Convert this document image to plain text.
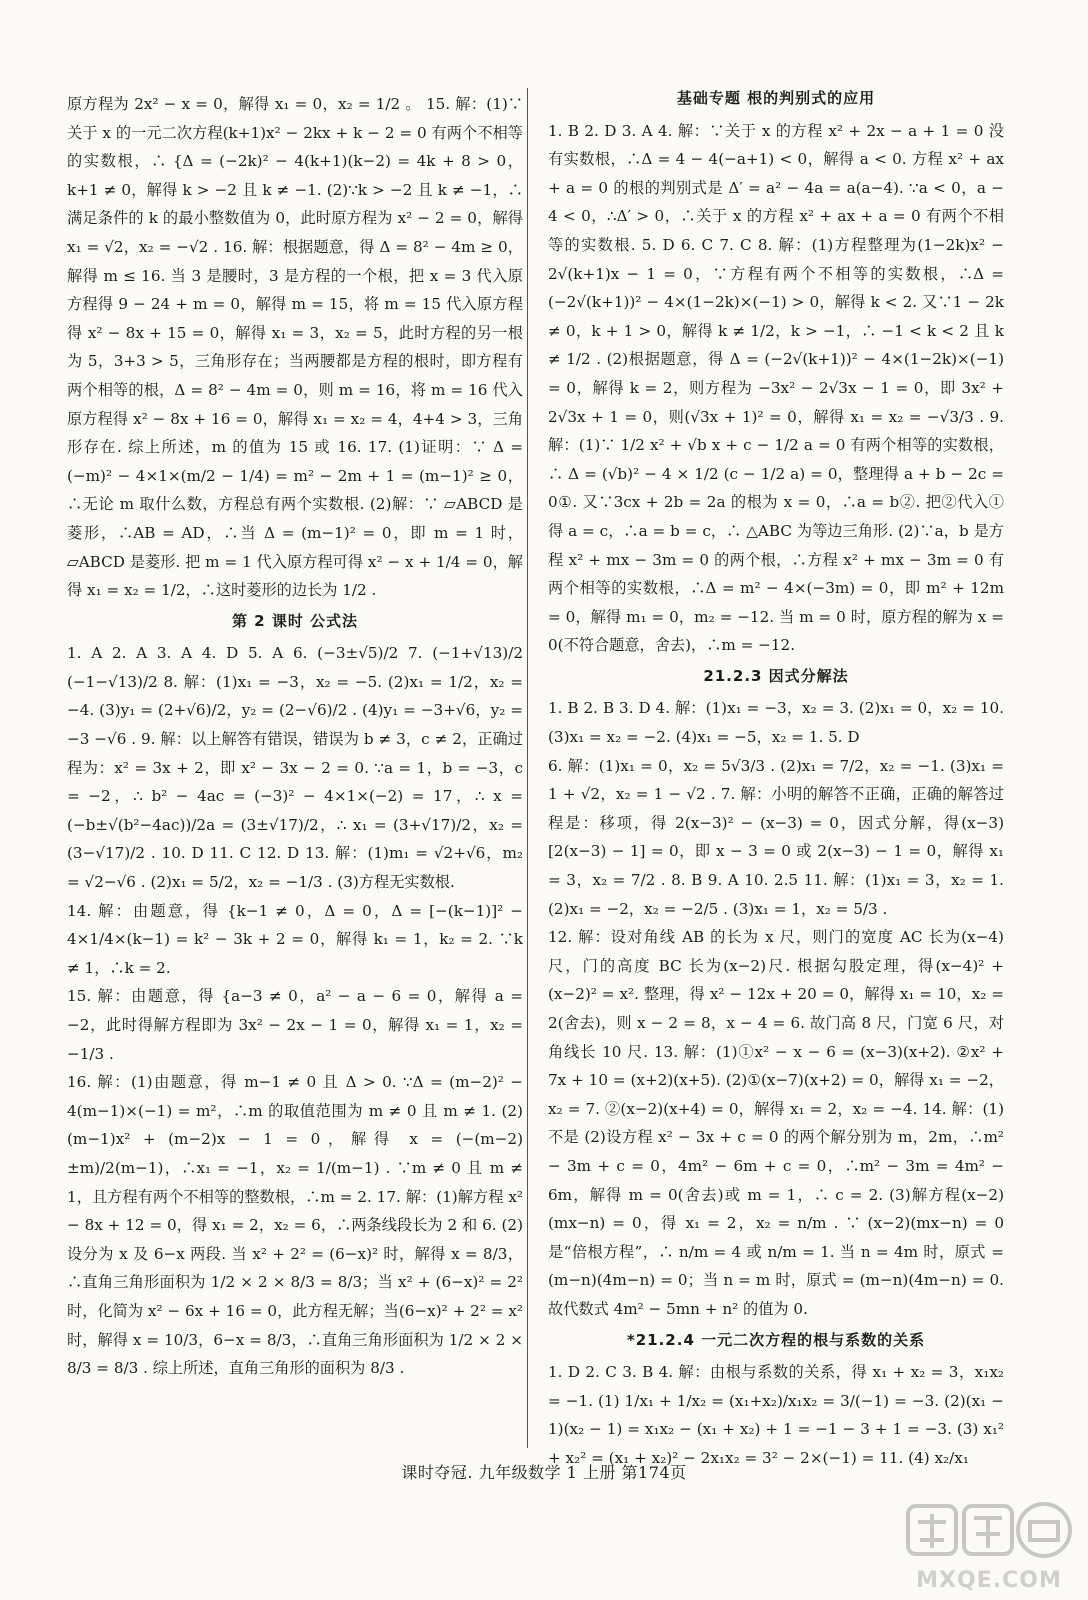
原方程为 2x² − x = 0，解得 x₁ = 0，x₂ = 1/2 。 15. 解：(1)∵关于 x 的一元二次方程(k+1)x² − 2kx + k − 2 = 0 有两个不相等的实数根，∴ {Δ = (−2k)² − 4(k+1)(k−2) = 4k + 8 > 0，k+1 ≠ 0，解得 k > −2 且 k ≠ −1. (2)∵k > −2 且 k ≠ −1，∴满足条件的 k 的最小整数值为 0，此时原方程为 x² − 2 = 0，解得 x₁ = √2，x₂ = −√2 . 16. 解：根据题意，得 Δ = 8² − 4m ≥ 0，解得 m ≤ 16. 当 3 是腰时，3 是方程的一个根，把 x = 3 代入原方程得 9 − 24 + m = 0，解得 m = 15，将 m = 15 代入原方程得 x² − 8x + 15 = 0，解得 x₁ = 3，x₂ = 5，此时方程的另一根为 5，3+3 > 5，三角形存在；当两腰都是方程的根时，即方程有两个相等的根，Δ = 8² − 4m = 0，则 m = 16，将 m = 16 代入原方程得 x² − 8x + 16 = 0，解得 x₁ = x₂ = 4，4+4 > 3，三角形存在. 综上所述，m 的值为 15 或 16. 17. (1)证明：∵ Δ = (−m)² − 4×1×(m/2 − 1/4) = m² − 2m + 1 = (m−1)² ≥ 0，∴无论 m 取什么数，方程总有两个实数根. (2)解：∵ ▱ABCD 是菱形，∴AB = AD，∴当 Δ = (m−1)² = 0，即 m = 1 时，▱ABCD 是菱形. 把 m = 1 代入原方程可得 x² − x + 1/4 = 0，解得 x₁ = x₂ = 1/2，∴这时菱形的边长为 1/2 .

第 2 课时 公式法

1. A 2. A 3. A 4. D 5. A 6. (−3±√5)/2 7. (−1+√13)/2 (−1−√13)/2 8. 解：(1)x₁ = −3，x₂ = −5. (2)x₁ = 1/2，x₂ = −4. (3)y₁ = (2+√6)/2，y₂ = (2−√6)/2 . (4)y₁ = −3+√6，y₂ = −3 −√6 . 9. 解：以上解答有错误，错误为 b ≠ 3，c ≠ 2，正确过程为：x² = 3x + 2，即 x² − 3x − 2 = 0. ∵a = 1，b = −3，c = −2，∴ b² − 4ac = (−3)² − 4×1×(−2) = 17，∴ x = (−b±√(b²−4ac))/2a = (3±√17)/2，∴ x₁ = (3+√17)/2，x₂ = (3−√17)/2 . 10. D 11. C 12. D 13. 解：(1)m₁ = √2+√6，m₂ = √2−√6 . (2)x₁ = 5/2，x₂ = −1/3 . (3)方程无实数根.

14. 解：由题意，得 {k−1 ≠ 0，Δ = 0，Δ = [−(k−1)]² − 4×1/4×(k−1) = k² − 3k + 2 = 0，解得 k₁ = 1，k₂ = 2. ∵k ≠ 1，∴k = 2.

15. 解：由题意，得 {a−3 ≠ 0，a² − a − 6 = 0，解得 a = −2，此时得解方程即为 3x² − 2x − 1 = 0，解得 x₁ = 1，x₂ = −1/3 .

16. 解：(1)由题意，得 m−1 ≠ 0 且 Δ > 0. ∵Δ = (m−2)² − 4(m−1)×(−1) = m²，∴m 的取值范围为 m ≠ 0 且 m ≠ 1. (2)(m−1)x² + (m−2)x − 1 = 0，解得 x = (−(m−2)±m)/2(m−1)，∴x₁ = −1，x₂ = 1/(m−1) . ∵m ≠ 0 且 m ≠ 1，且方程有两个不相等的整数根，∴m = 2. 17. 解：(1)解方程 x² − 8x + 12 = 0，得 x₁ = 2，x₂ = 6，∴两条线段长为 2 和 6. (2)设分为 x 及 6−x 两段. 当 x² + 2² = (6−x)² 时，解得 x = 8/3，∴直角三角形面积为 1/2 × 2 × 8/3 = 8/3；当 x² + (6−x)² = 2² 时，化简为 x² − 6x + 16 = 0，此方程无解；当(6−x)² + 2² = x² 时，解得 x = 10/3，6−x = 8/3，∴直角三角形面积为 1/2 × 2 × 8/3 = 8/3 . 综上所述，直角三角形的面积为 8/3 .

基础专题 根的判别式的应用

1. B 2. D 3. A 4. 解：∵关于 x 的方程 x² + 2x − a + 1 = 0 没有实数根，∴Δ = 4 − 4(−a+1) < 0，解得 a < 0. 方程 x² + ax + a = 0 的根的判别式是 Δ′ = a² − 4a = a(a−4). ∵a < 0，a − 4 < 0，∴Δ′ > 0，∴关于 x 的方程 x² + ax + a = 0 有两个不相等的实数根. 5. D 6. C 7. C 8. 解：(1)方程整理为(1−2k)x² − 2√(k+1)x − 1 = 0，∵方程有两个不相等的实数根，∴Δ = (−2√(k+1))² − 4×(1−2k)×(−1) > 0，解得 k < 2. 又∵1 − 2k ≠ 0，k + 1 > 0，解得 k ≠ 1/2，k > −1，∴ −1 < k < 2 且 k ≠ 1/2 . (2)根据题意，得 Δ = (−2√(k+1))² − 4×(1−2k)×(−1) = 0，解得 k = 2，则方程为 −3x² − 2√3x − 1 = 0，即 3x² + 2√3x + 1 = 0，则(√3x + 1)² = 0，解得 x₁ = x₂ = −√3/3 . 9. 解：(1)∵ 1/2 x² + √b x + c − 1/2 a = 0 有两个相等的实数根，∴ Δ = (√b)² − 4 × 1/2 (c − 1/2 a) = 0，整理得 a + b − 2c = 0①. 又∵3cx + 2b = 2a 的根为 x = 0，∴a = b②. 把②代入①得 a = c，∴a = b = c，∴ △ABC 为等边三角形. (2)∵a，b 是方程 x² + mx − 3m = 0 的两个根，∴方程 x² + mx − 3m = 0 有两个相等的实数根，∴Δ = m² − 4×(−3m) = 0，即 m² + 12m = 0，解得 m₁ = 0，m₂ = −12. 当 m = 0 时，原方程的解为 x = 0(不符合题意，舍去)，∴m = −12.

21.2.3 因式分解法

1. B 2. B 3. D 4. 解：(1)x₁ = −3，x₂ = 3. (2)x₁ = 0，x₂ = 10. (3)x₁ = x₂ = −2. (4)x₁ = −5，x₂ = 1. 5. D

6. 解：(1)x₁ = 0，x₂ = 5√3/3 . (2)x₁ = 7/2，x₂ = −1. (3)x₁ = 1 + √2，x₂ = 1 − √2 . 7. 解：小明的解答不正确，正确的解答过程是：移项，得 2(x−3)² − (x−3) = 0，因式分解，得(x−3)[2(x−3) − 1] = 0，即 x − 3 = 0 或 2(x−3) − 1 = 0，解得 x₁ = 3，x₂ = 7/2 . 8. B 9. A 10. 2.5 11. 解：(1)x₁ = 3，x₂ = 1. (2)x₁ = −2，x₂ = −2/5 . (3)x₁ = 1，x₂ = 5/3 .

12. 解：设对角线 AB 的长为 x 尺，则门的宽度 AC 长为(x−4)尺，门的高度 BC 长为(x−2)尺. 根据勾股定理，得(x−4)² + (x−2)² = x². 整理，得 x² − 12x + 20 = 0，解得 x₁ = 10，x₂ = 2(舍去)，则 x − 2 = 8，x − 4 = 6. 故门高 8 尺，门宽 6 尺，对角线长 10 尺. 13. 解：(1)①x² − x − 6 = (x−3)(x+2). ②x² + 7x + 10 = (x+2)(x+5). (2)①(x−7)(x+2) = 0，解得 x₁ = −2，x₂ = 7. ②(x−2)(x+4) = 0，解得 x₁ = 2，x₂ = −4. 14. 解：(1)不是 (2)设方程 x² − 3x + c = 0 的两个解分别为 m，2m，∴m² − 3m + c = 0，4m² − 6m + c = 0，∴m² − 3m = 4m² − 6m，解得 m = 0(舍去)或 m = 1，∴ c = 2. (3)解方程(x−2)(mx−n) = 0，得 x₁ = 2，x₂ = n/m . ∵ (x−2)(mx−n) = 0 是“倍根方程”，∴ n/m = 4 或 n/m = 1. 当 n = 4m 时，原式 = (m−n)(4m−n) = 0；当 n = m 时，原式 = (m−n)(4m−n) = 0. 故代数式 4m² − 5mn + n² 的值为 0.

*21.2.4 一元二次方程的根与系数的关系

1. D 2. C 3. B 4. 解：由根与系数的关系，得 x₁ + x₂ = 3，x₁x₂ = −1. (1) 1/x₁ + 1/x₂ = (x₁+x₂)/x₁x₂ = 3/(−1) = −3. (2)(x₁ − 1)(x₂ − 1) = x₁x₂ − (x₁ + x₂) + 1 = −1 − 3 + 1 = −3. (3) x₁² + x₂² = (x₁ + x₂)² − 2x₁x₂ = 3² − 2×(−1) = 11. (4) x₂/x₁

课时夺冠. 九年级数学 1 上册 第174页
MXQE.COM
